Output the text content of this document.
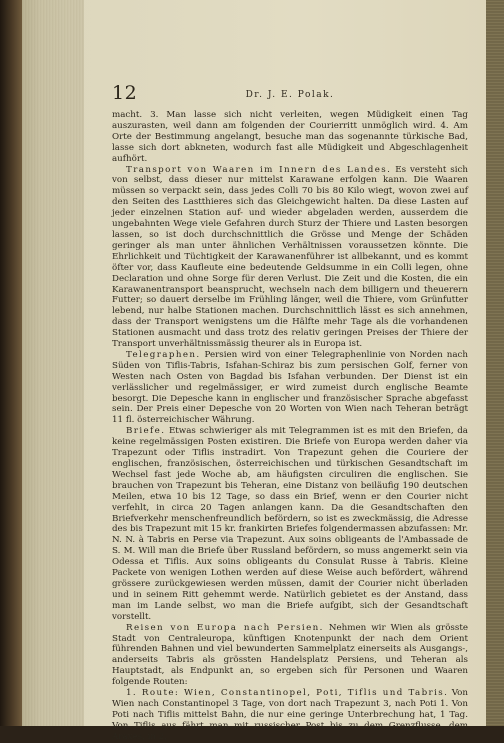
12	Dr. J. E. Polak.

macht. 3. Man lasse sich nicht verleiten, wegen Müdigkeit einen Tag auszurasten, weil dann am folgenden der Courierritt unmöglich wird. 4. Am Orte der Bestimmung angelangt, besuche man das sogenannte türkische Bad, lasse sich dort abkneten, wodurch fast alle Müdigkeit und Abgeschlagenheit aufhört.

Transport von Waaren im Innern des Landes. Es versteht sich von selbst, dass dieser nur mittelst Karawane erfolgen kann. Die Waaren müssen so verpackt sein, dass jedes Colli 70 bis 80 Kilo wiegt, wovon zwei auf den Seiten des Lastthieres sich das Gleichgewicht halten. Da diese Lasten auf jeder einzelnen Station auf- und wieder abgeladen werden, ausserdem die ungebahnten Wege viele Gefahren durch Sturz der Thiere und Lasten besorgen lassen, so ist doch durchschnittlich die Grösse und Menge der Schäden geringer als man unter ähnlichen Verhältnissen voraussetzen könnte. Die Ehrlichkeit und Tüchtigkeit der Karawanenführer ist allbekannt, und es kommt öfter vor, dass Kaufleute eine bedeutende Geldsumme in ein Colli legen, ohne Declaration und ohne Sorge für deren Verlust. Die Zeit und die Kosten, die ein Karawanentransport beansprucht, wechseln nach dem billigern und theuerern Futter; so dauert derselbe im Frühling länger, weil die Thiere, vom Grünfutter lebend, nur halbe Stationen machen. Durchschnittlich lässt es sich annehmen, dass der Transport wenigstens um die Hälfte mehr Tage als die vorhandenen Stationen ausmacht und dass trotz des relativ geringen Preises der Thiere der Transport unverhältnissmässig theurer als in Europa ist.

Telegraphen. Persien wird von einer Telegraphenlinie von Norden nach Süden von Tiflis-Tabris, Isfahan-Schiraz bis zum persischen Golf, ferner von Westen nach Osten von Bagdad bis Isfahan verbunden. Der Dienst ist ein verlässlicher und regelmässiger, er wird zumeist durch englische Beamte besorgt. Die Depesche kann in englischer und französischer Sprache abgefasst sein. Der Preis einer Depesche von 20 Worten von Wien nach Teheran beträgt 11 fl. österreichischer Währung.

Briefe. Etwas schwieriger als mit Telegrammen ist es mit den Briefen, da keine regelmässigen Posten existiren. Die Briefe von Europa werden daher via Trapezunt oder Tiflis instradirt. Von Trapezunt gehen die Couriere der englischen, französischen, österreichischen und türkischen Gesandtschaft im Wechsel fast jede Woche ab, am häufigsten circuliren die englischen. Sie brauchen von Trapezunt bis Teheran, eine Distanz von beiläufig 190 deutschen Meilen, etwa 10 bis 12 Tage, so dass ein Brief, wenn er den Courier nicht verfehlt, in circa 20 Tagen anlangen kann. Da die Gesandtschaften den Briefverkehr menschenfreundlich befördern, so ist es zweckmässig, die Adresse des bis Trapezunt mit 15 kr. frankirten Briefes folgendermassen abzufassen: Mr. N. N. à Tabris en Perse via Trapezunt. Aux soins obligeants de l'Ambassade de S. M. Will man die Briefe über Russland befördern, so muss angemerkt sein via Odessa et Tiflis. Aux soins obligeants du Consulat Russe à Tabris. Kleine Packete von wenigen Lothen werden auf diese Weise auch befördert, während grössere zurückgewiesen werden müssen, damit der Courier nicht überladen und in seinem Ritt gehemmt werde. Natürlich gebietet es der Anstand, dass man im Lande selbst, wo man die Briefe aufgibt, sich der Gesandtschaft vorstellt.

Reisen von Europa nach Persien. Nehmen wir Wien als grösste Stadt von Centraleuropa, künftigen Knotenpunkt der nach dem Orient führenden Bahnen und viel bewunderten Sammelplatz einerseits als Ausgangs-, anderseits Tabris als grössten Handelsplatz Persiens, und Teheran als Hauptstadt, als Endpunkt an, so ergeben sich für Personen und Waaren folgende Routen:

1. Route: Wien, Constantinopel, Poti, Tiflis und Tabris. Von Wien nach Constantinopel 3 Tage, von dort nach Trapezunt 3, nach Poti 1. Von Poti nach Tiflis mittelst Bahn, die nur eine geringe Unterbrechung hat, 1 Tag. Von Tiflis aus fährt man mit russischer Post bis zu dem Grenzflusse, dem Araxes, in 2,
